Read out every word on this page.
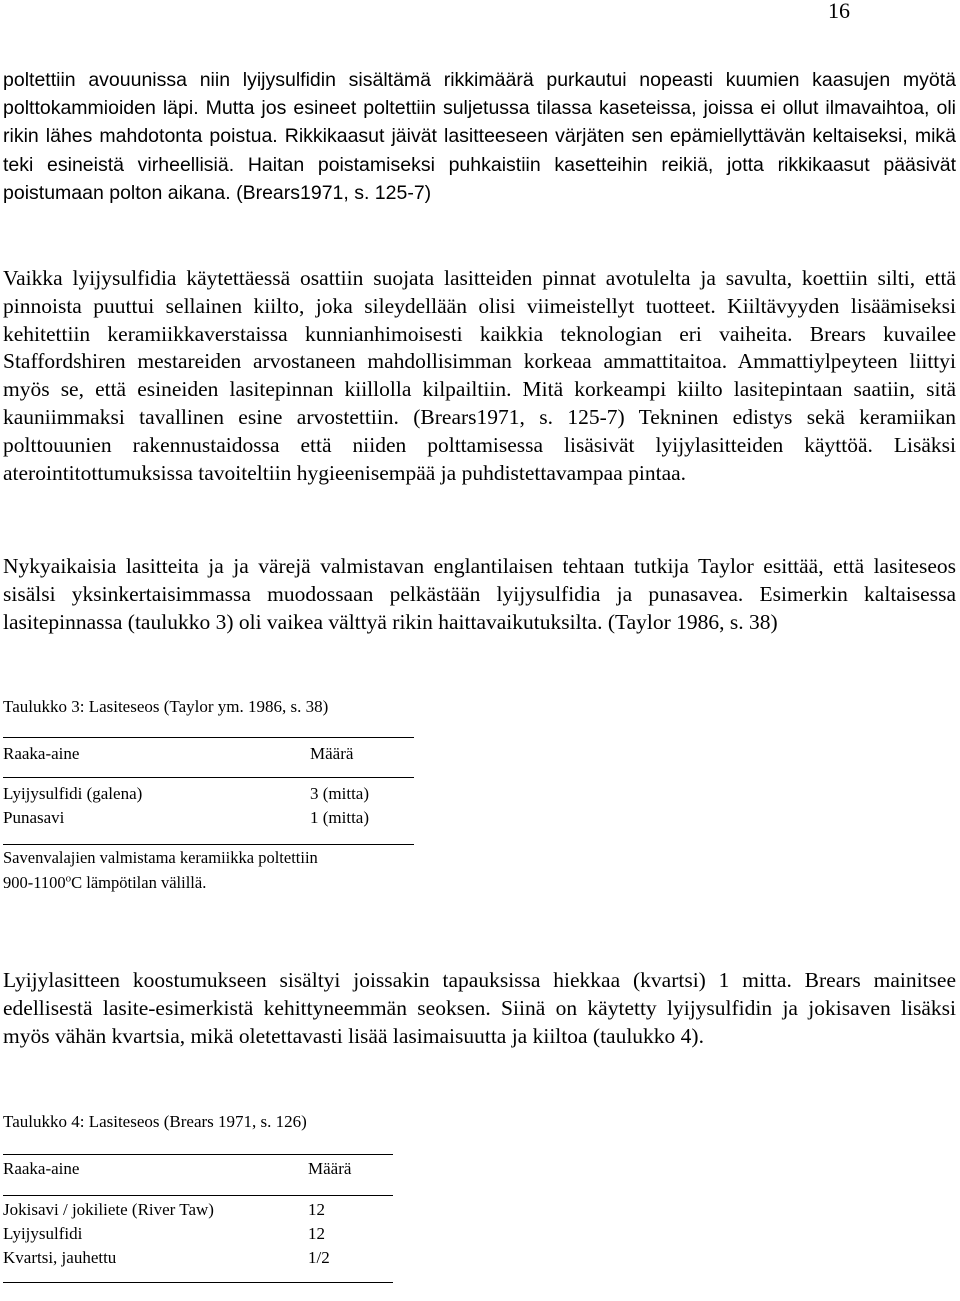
16

poltettiin avouunissa niin lyijysulfidin sisältämä rikkimäärä purkautui nopeasti kuumien kaasujen myötä polttokammioiden läpi. Mutta jos esineet poltettiin suljetussa tilassa kaseteissa, joissa ei ollut ilmavaihtoa, oli rikin lähes mahdotonta poistua. Rikkikaasut jäivät lasitteeseen värjäten sen epämiellyttävän keltaiseksi, mikä teki esineistä virheellisiä. Haitan poistamiseksi puhkaistiin kasetteihin reikiä, jotta rikkikaasut pääsivät poistumaan polton aikana. (Brears1971, s. 125-7)

Vaikka lyijysulfidia käytettäessä osattiin suojata lasitteiden pinnat avotulelta ja savulta, koettiin silti, että pinnoista puuttui sellainen kiilto, joka sileydellään olisi viimeistellyt tuotteet. Kiiltävyyden lisäämiseksi kehitettiin keramiikkaverstaissa kunnianhimoisesti kaikkia teknologian eri vaiheita. Brears kuvailee Staffordshiren mestareiden arvostaneen mahdollisimman korkeaa ammattitaitoa. Ammattiylpeyteen liittyi myös se, että esineiden lasitepinnan kiillolla kilpailtiin. Mitä korkeampi kiilto lasitepintaan saatiin, sitä kauniimmaksi tavallinen esine arvostettiin. (Brears1971, s. 125-7) Tekninen edistys sekä keramiikan polttouunien rakennustaidossa että niiden polttamisessa lisäsivät lyijylasitteiden käyttöä. Lisäksi aterointitottumuksissa tavoiteltiin hygieenisempää ja puhdistettavampaa pintaa.

Nykyaikaisia lasitteita ja ja värejä valmistavan englantilaisen tehtaan tutkija Taylor esittää, että lasiteseos sisälsi yksinkertaisimmassa muodossaan pelkästään lyijysulfidia ja punasavea. Esimerkin kaltaisessa lasitepinnassa (taulukko 3) oli vaikea välttyä rikin haittavaikutuksilta. (Taylor 1986, s. 38)

Taulukko 3: Lasiteseos (Taylor ym. 1986, s. 38)

Raaka-aine	Määrä
Lyijysulfidi (galena)	3 (mitta)
Punasavi	1 (mitta)

Savenvalajien valmistama keramiikka poltettiin

900-1100$^o$C lämpötilan välillä.

Lyijylasitteen koostumukseen sisältyi joissakin tapauksissa hiekkaa (kvartsi) 1 mitta. Brears mainitsee edellisestä lasite-esimerkistä kehittyneemmän seoksen. Siinä on käytetty lyijysulfidin ja jokisaven lisäksi myös vähän kvartsia, mikä oletettavasti lisää lasimaisuutta ja kiiltoa (taulukko 4).

Taulukko 4: Lasiteseos (Brears 1971, s. 126)

Raaka-aine	Määrä
Jokisavi / jokiliete (River Taw)	12
Lyijysulfidi	12
Kvartsi, jauhettu	1/2
